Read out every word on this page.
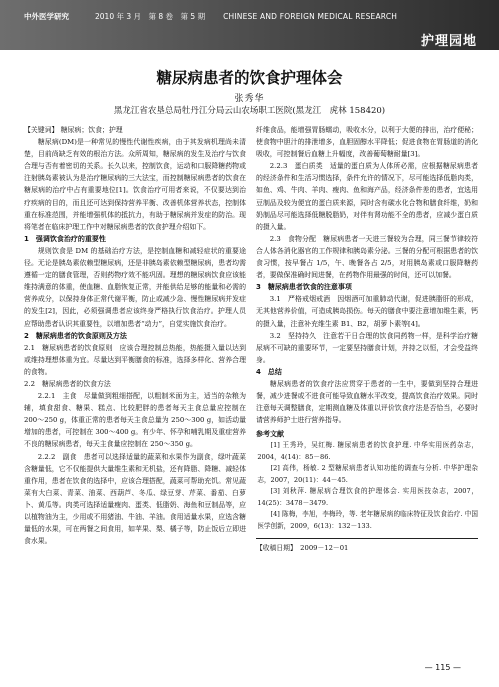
中外医学研究	2010 年 3 月　第 8 卷　第 5 期 CHINESE AND FOREIGN MEDICAL RESEARCH
护理园地
糖尿病患者的饮食护理体会
张秀华
黑龙江省农垦总局牡丹江分局云山农场职工医院(黑龙江　虎林 158420)

【关键词】 糖尿病；饮食；护理

糖尿病(DM)是一种常见的慢性代谢性疾病，由于其发病机理尚未清楚，目前尚缺乏有效的根治方法。众所周知，糖尿病的发生及治疗与饮食合理与否有着密切的关系。长久以来，控制饮食，运动和口服降糖药物或注射胰岛素被认为是治疗糖尿病的三大法宝，而控制糖尿病患者的饮食在糖尿病的治疗中占有重要地位[1]。饮食治疗可用者来说，不仅要达到治疗疾病的目的，而且还可达到保持营养平衡、改善机体营养状态，控制体重在标准范围，并能增强机体的抵抗力，有助于糖尿病并发症的防治。现将笔者在临床护理工作中对糖尿病患者的饮食护理介绍如下。

1　强调饮食治疗的重要性

规则饮食是 DM 的基础治疗方法，是控制血糖和减轻症状的重要途径。无论是胰岛素依赖型糖尿病，还是非胰岛素依赖型糖尿病，患者均需遵循一定的膳食管理，否则药物疗效不能巩固。理想的糖尿病饮食应该能维持满意的体重，使血糖、血脂恢复正常，并能供给足够的能量和必需的营养成分，以保持身体正常代谢平衡，防止或减少急、慢性糖尿病并发症的发生[2]，因此，必须强调患者应该终身严格执行饮食治疗。护理人员应帮助患者认识其重要性，以增加患者“动力”，自觉实施饮食治疗。

2　糖尿病患者的饮食原则及方法

2.1　糖尿病患者的饮食原则　应该合理控制总热能，热能摄入量以达到或维持理想体重为宜。尽量达到平衡膳食的标准，选择多样化、营养合理的食物。

2.2　糖尿病患者的饮食方法

2.2.1　主食　尽量做到粗细搭配，以粗制米面为主，适当的杂粮为辅，填食甜食、糖果、糕点、比较肥胖的患者每天主食总量应控制在 200～250 g，体重正常的患者每天主食总量为 250～300 g，如活动量增加的患者，可控制在 300～400 g。有少年、怀孕和哺乳期及重症营养不良的糖尿病患者，每天主食量应控制在 250～350 g。

2.2.2　副食　患者可以选择适量的蔬菜和水果作为副食，绿叶蔬菜含糖量低，它不仅能提供大量维生素和无机盐，还有降脂、降糖、减轻体重作用，患者在饮食的选择中，应该合理搭配，蔬菜可帮助充饥。常见蔬菜有大白菜、青菜、油菜、西葫芦、冬瓜、绿豆芽、芹菜、番茄、白萝卜、黄瓜等。肉类可选择适量瘦肉、蛋类、低脂奶、海鱼和豆制品等，应以植物油为主，少用或不用猪油、牛油、羊油。食用适量水果，应选含糖量低的水果，可在两餐之间食用，如苹果、梨、橘子等，防止饭后立即进食水果。

纤维食品，能增强胃肠蠕动，吸收水分，以利于大便的排出，治疗便秘；使食物中胆汁的排泄增多，血胆固醇水平降低；促进食物在胃肠道的消化吸收，可控制餐后血糖上升幅度，改善葡萄糖耐量[3]。

2.2.3　蛋白质类　适量的蛋白质为人体所必需，应根据糖尿病患者的经济条件和生活习惯选择，条件允许的情况下，尽可能选择低脂肉类，如鱼、鸡、牛肉、羊肉、瘦肉、鱼和海产品，经济条件差的患者，宜选用豆制品及较为便宜的蛋白质来源，同时含有碳水化合物和膳食纤维，奶和奶制品尽可能选择低糖脱脂奶，对伴有肾功能不全的患者，应减少蛋白质的摄入量。

2.3　食物分配　糖尿病患者一天进三餐较为合理，同三餐节律较符合人体各消化器官的工作规律和胰岛素分泌。三餐的分配可根据患者的饮食习惯，按早餐占 1/5，午、晚餐各占 2/5，对用胰岛素或口服降糖药者，要做保准确时间进餐，在药物作用最强的时间，还可以加餐。

3　糖尿病患者饮食的注意事项

3.1　严格戒烟戒酒　因烟酒可加重肺动代谢，促进胰脂肝的形成，无其他营养价值，可造成胰岛损伤。每天的膳食中要注意增加维生素，钙的摄入量，注意补充维生素 B1、B2，胡萝卜素等[4]。

3.2　坚持持久　注意若干日合理的饮食同药物一样，是科学治疗糖尿病不可缺的重要环节，一定要坚持膳食计划，并持之以恒，才会受益终身。

4　总结

糖尿病患者的饮食疗法应贯穿于患者的一生中，要做到坚持合理进餐，减少进餐或不进食可能导致血糖水平改变，提高饮食治疗效果。同时注意每天调整膳食，定期测血糖及体重以评价饮食疗法是否恰当，必要时请营养师护士进行营养指导。

参考文献

[1] 王秀玲，吴红梅. 糖尿病患者的饮食护理. 中华实用医药杂志，2004，4(14)：85－86.

[2] 高伟，杨敏. 2 型糖尿病患者认知功能的调查与分析. 中华护理杂志，2007，20(11)：44－45.

[3] 刘秋萍. 糖尿病合理饮食的护理体会. 实用医技杂志，2007，14(25)：3478－3479.

[4] 陈梅，李旭，李梅玲，等. 老年糖尿病的临床特征及饮食治疗. 中国医学创新，2009，6(13)：132－133.

【收稿日期】　2009－12－01
— 115 —
